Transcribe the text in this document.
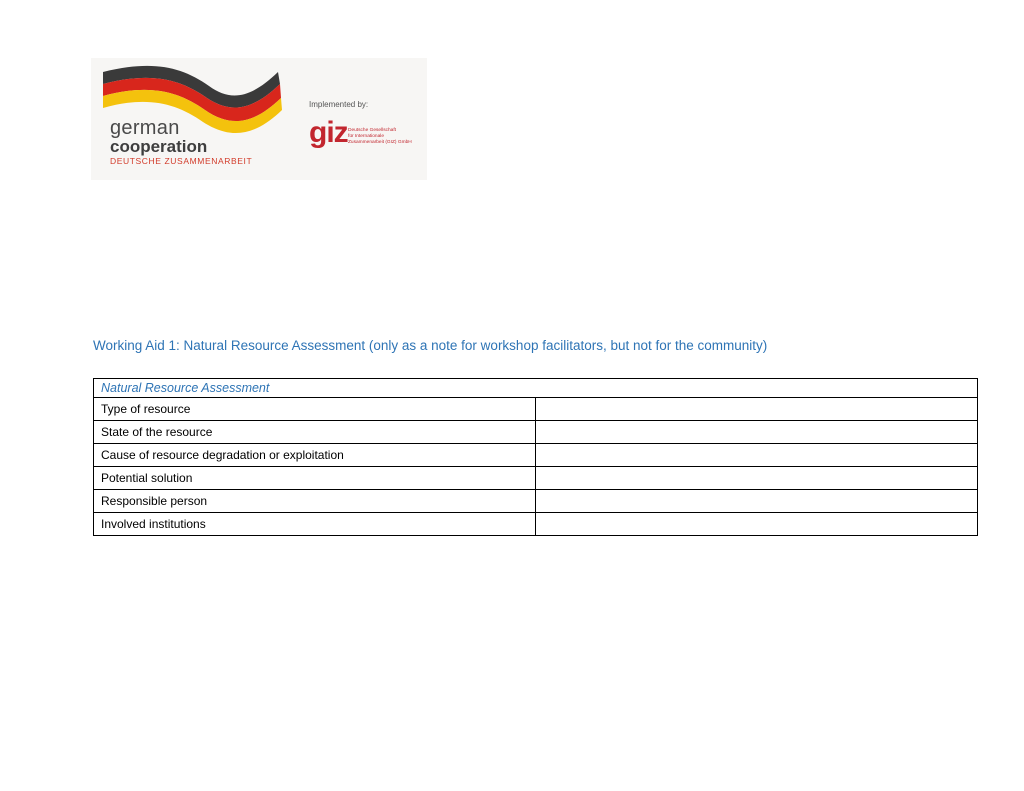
german
cooperation
DEUTSCHE ZUSAMMENARBEIT
Implemented by:
giz Deutsche Gesellschaft
für Internationale
Zusammenarbeit (GIZ) GmbH
Working Aid 1: Natural Resource Assessment (only as a note for workshop facilitators, but not for the community)
Natural Resource Assessment	
Type of resource	
State of the resource	
Cause of resource degradation or exploitation	
Potential solution	
Responsible person	
Involved institutions	
